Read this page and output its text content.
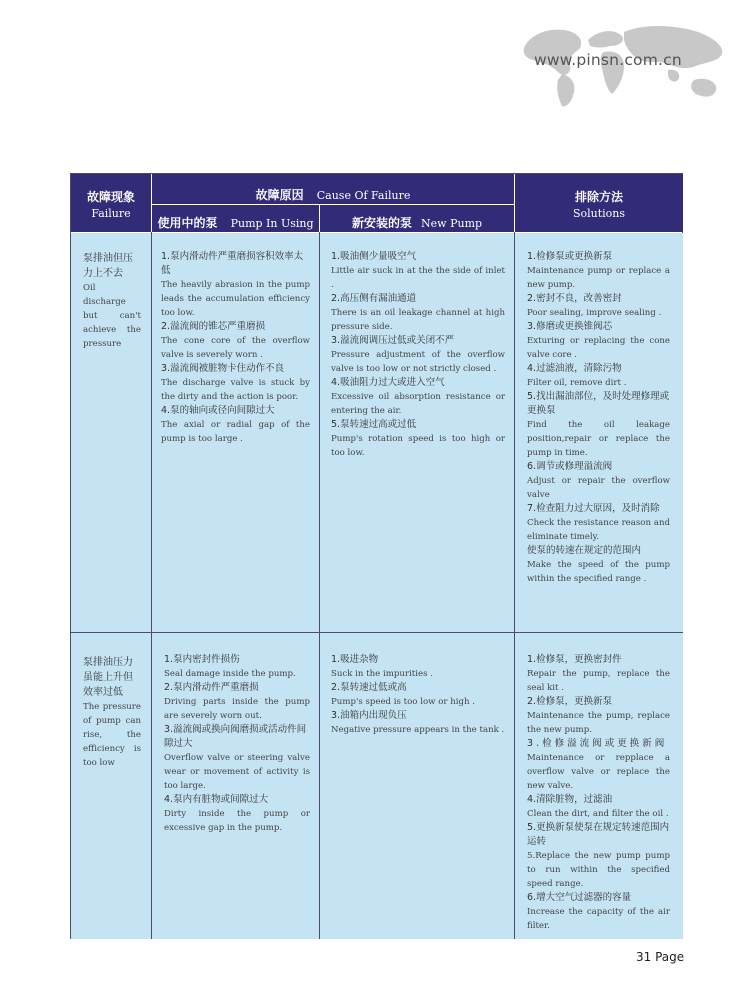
www.pinsn.com.cn
故障现象
Failure
故障原因 Cause Of Failure
使用中的泵 Pump In Using	新安装的泵 New Pump
排除方法
Solutions
泵排油但压力上不去
Oil discharge but can't achieve the pressure
1.泵内滑动件严重磨损容积效率太低
The heavily abrasion in the pump leads the accumulation efficiency too low.
2.溢流阀的锥芯严重磨损
The cone core of the overflow valve is severely worn .
3.溢流阀被脏物卡住动作不良
The discharge valve is stuck by the dirty and the action is poor.
4.泵的轴向或径向间隙过大
The axial or radial gap of the pump is too large .
1.吸油侧少量吸空气
Little air suck in at the the side of inlet .
2.高压侧有漏油通道
There is an oil leakage channel at high pressure side.
3.溢流阀调压过低或关闭不严
Pressure adjustment of the overflow valve is too low or not strictly closed .
4.吸油阻力过大或进入空气
Excessive oil absorption resistance or entering the air.
5.泵转速过高或过低
Pump's rotation speed is too high or too low.
1.检修泵或更换新泵
Maintenance pump or replace a new pump.
2.密封不良，改善密封
Poor sealing, improve sealing .
3.修磨或更换锥阀芯
Exturing or replacing the cone valve core .
4.过滤油液，清除污物
Filter oil, remove dirt .
5.找出漏油部位，及时处理修理或更换泵
Find the oil leakage position,repair or replace the pump in time.
6.调节或修理溢流阀
Adjust or repair the overflow valve
7.检查阻力过大原因，及时消除
Check the resistance reason and eliminate timely.
使泵的转速在规定的范围内
Make the speed of the pump within the specified range .
泵排油压力虽能上升但效率过低
The pressure of pump can rise, the efficiency is too low
1.泵内密封件损伤
Seal damage inside the pump.
2.泵内滑动件严重磨损
Driving parts inside the pump are severely worn out.
3.溢流阀或换向阀磨损或活动件间隙过大
Overflow valve or steering valve wear or movement of activity is too large.
4.泵内有脏物或间隙过大
Dirty inside the pump or excessive gap in the pump.
1.吸进杂物
Suck in the impurities .
2.泵转速过低或高
Pump's speed is too low or high .
3.油箱内出现负压
Negative pressure appears in the tank .
1.检修泵，更换密封件
Repair the pump, replace the seal kit .
2.检修泵，更换新泵
Maintenance the pump, replace the new pump.
3 . 检 修 溢 流 阀 或 更 换 新 阀
Maintenance or repplace a overflow valve or replace the new valve.
4.清除脏物，过滤油
Clean the dirt, and filter the oil .
5.更换新泵使泵在规定转速范围内运转
5.Replace the new pump pump to run within the specified speed range.
6.增大空气过滤器的容量
Increase the capacity of the air filter.
31 Page
